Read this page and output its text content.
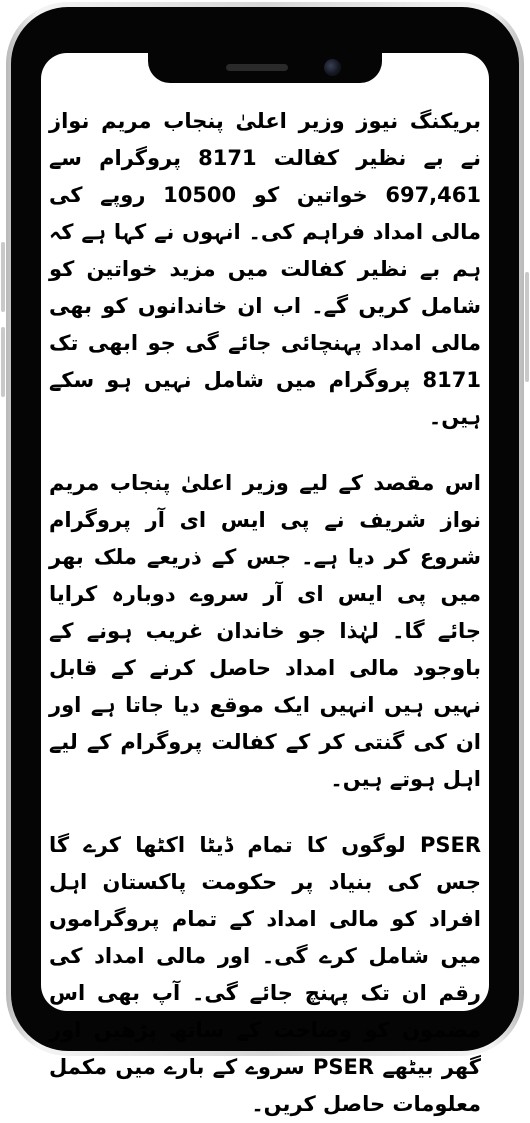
بریکنگ نیوز وزیر اعلیٰ پنجاب مریم نواز نے بے نظیر کفالت 8171 پروگرام سے 697,461 خواتین کو 10500 روپے کی مالی امداد فراہم کی۔ انہوں نے کہا ہے کہ ہم بے نظیر کفالت میں مزید خواتین کو شامل کریں گے۔ اب ان خاندانوں کو بھی مالی امداد پہنچائی جائے گی جو ابھی تک 8171 پروگرام میں شامل نہیں ہو سکے ہیں۔

اس مقصد کے لیے وزیر اعلیٰ پنجاب مریم نواز شریف نے پی ایس ای آر پروگرام شروع کر دیا ہے۔ جس کے ذریعے ملک بھر میں پی ایس ای آر سروے دوبارہ کرایا جائے گا۔ لہٰذا جو خاندان غریب ہونے کے باوجود مالی امداد حاصل کرنے کے قابل نہیں ہیں انہیں ایک موقع دیا جاتا ہے اور ان کی گنتی کر کے کفالت پروگرام کے لیے اہل ہوتے ہیں۔

PSER لوگوں کا تمام ڈیٹا اکٹھا کرے گا جس کی بنیاد پر حکومت پاکستان اہل افراد کو مالی امداد کے تمام پروگراموں میں شامل کرے گی۔ اور مالی امداد کی رقم ان تک پہنچ جائے گی۔ آپ بھی اس مضمون کو وضاحت کے ساتھ پڑھیں اور گھر بیٹھے PSER سروے کے بارے میں مکمل معلومات حاصل کریں۔
